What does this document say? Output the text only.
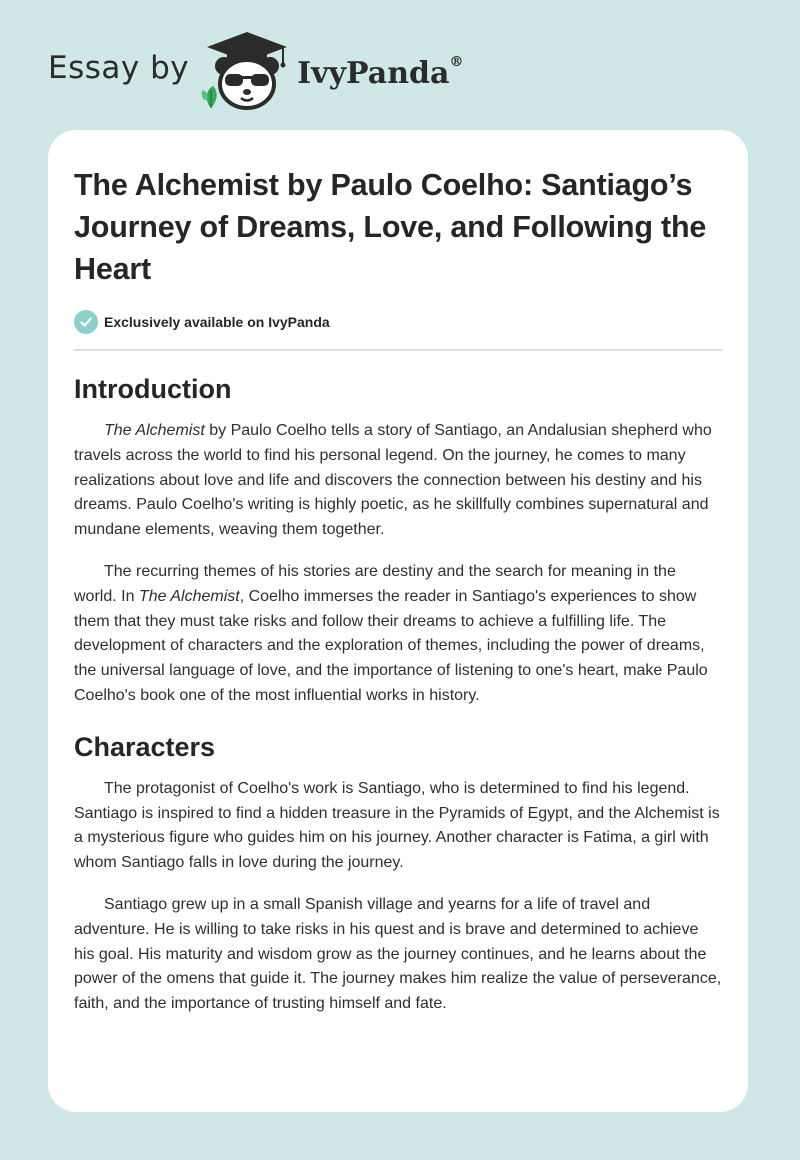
Essay by	IvyPanda®
The Alchemist by Paulo Coelho: Santiago’s Journey of Dreams, Love, and Following the Heart
Exclusively available on IvyPanda
Introduction

The Alchemist by Paulo Coelho tells a story of Santiago, an Andalusian shepherd who travels across the world to find his personal legend. On the journey, he comes to many realizations about love and life and discovers the connection between his destiny and his dreams. Paulo Coelho's writing is highly poetic, as he skillfully combines supernatural and mundane elements, weaving them together.

The recurring themes of his stories are destiny and the search for meaning in the world. In The Alchemist, Coelho immerses the reader in Santiago's experiences to show them that they must take risks and follow their dreams to achieve a fulfilling life. The development of characters and the exploration of themes, including the power of dreams, the universal language of love, and the importance of listening to one's heart, make Paulo Coelho's book one of the most influential works in history.

Characters

The protagonist of Coelho's work is Santiago, who is determined to find his legend. Santiago is inspired to find a hidden treasure in the Pyramids of Egypt, and the Alchemist is a mysterious figure who guides him on his journey. Another character is Fatima, a girl with whom Santiago falls in love during the journey.

Santiago grew up in a small Spanish village and yearns for a life of travel and adventure. He is willing to take risks in his quest and is brave and determined to achieve his goal. His maturity and wisdom grow as the journey continues, and he learns about the power of the omens that guide it. The journey makes him realize the value of perseverance, faith, and the importance of trusting himself and fate.
